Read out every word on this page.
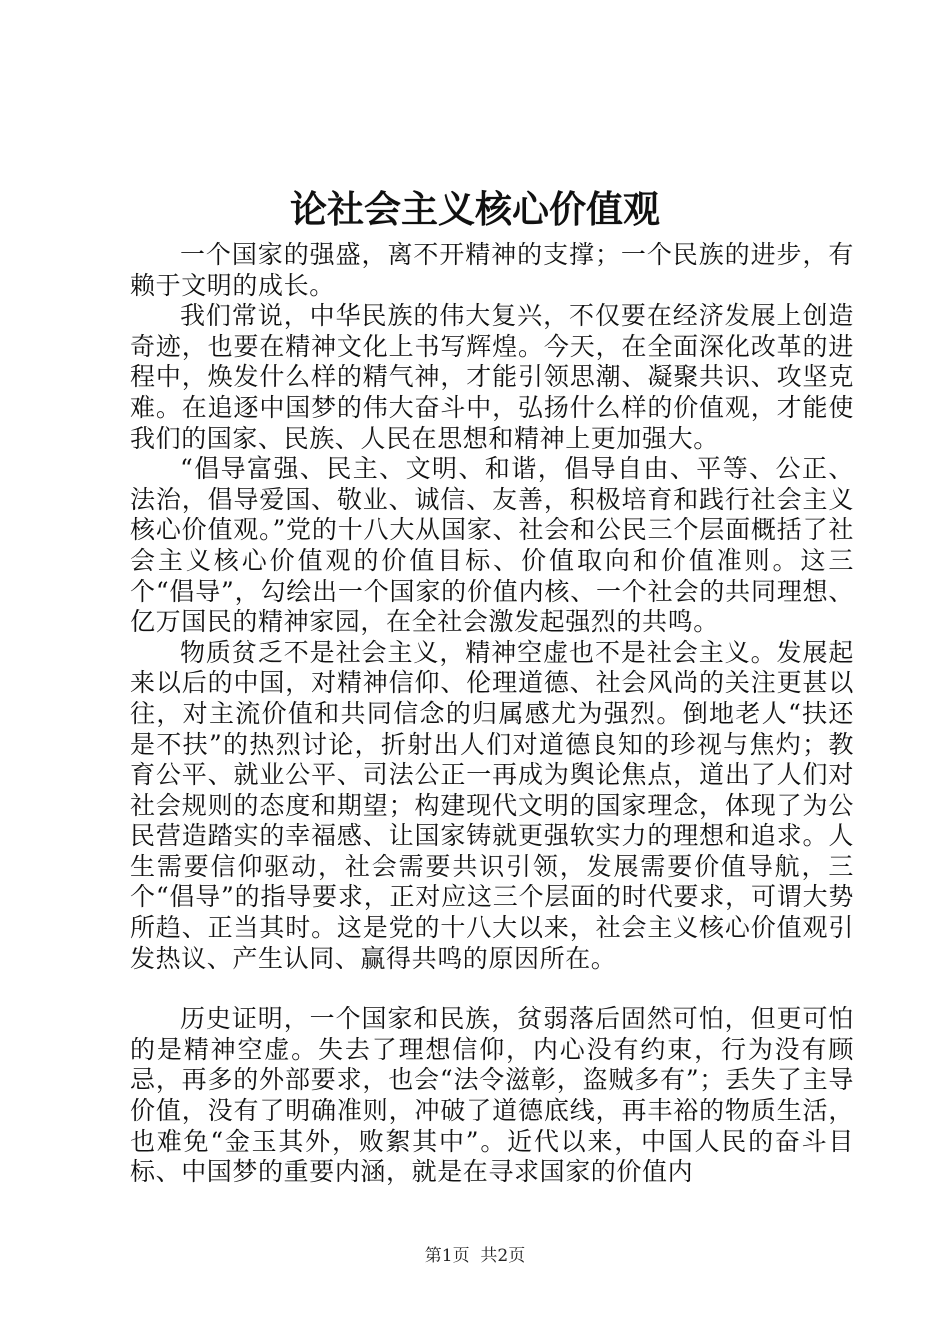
论社会主义核心价值观

一个国家的强盛，离不开精神的支撑；一个民族的进步，有赖于文明的成长。

我们常说，中华民族的伟大复兴，不仅要在经济发展上创造奇迹，也要在精神文化上书写辉煌。今天，在全面深化改革的进程中，焕发什么样的精气神，才能引领思潮、凝聚共识、攻坚克难。在追逐中国梦的伟大奋斗中，弘扬什么样的价值观，才能使我们的国家、民族、人民在思想和精神上更加强大。

“倡导富强、民主、文明、和谐，倡导自由、平等、公正、法治，倡导爱国、敬业、诚信、友善，积极培育和践行社会主义核心价值观。”党的十八大从国家、社会和公民三个层面概括了社会主义核心价值观的价值目标、价值取向和价值准则。这三个“倡导”，勾绘出一个国家的价值内核、一个社会的共同理想、亿万国民的精神家园，在全社会激发起强烈的共鸣。

物质贫乏不是社会主义，精神空虚也不是社会主义。发展起来以后的中国，对精神信仰、伦理道德、社会风尚的关注更甚以往，对主流价值和共同信念的归属感尤为强烈。倒地老人“扶还是不扶”的热烈讨论，折射出人们对道德良知的珍视与焦灼；教育公平、就业公平、司法公正一再成为舆论焦点，道出了人们对社会规则的态度和期望；构建现代文明的国家理念，体现了为公民营造踏实的幸福感、让国家铸就更强软实力的理想和追求。人生需要信仰驱动，社会需要共识引领，发展需要价值导航，三个“倡导”的指导要求，正对应这三个层面的时代要求，可谓大势所趋、正当其时。这是党的十八大以来，社会主义核心价值观引发热议、产生认同、赢得共鸣的原因所在。

历史证明，一个国家和民族，贫弱落后固然可怕，但更可怕的是精神空虚。失去了理想信仰，内心没有约束，行为没有顾忌，再多的外部要求，也会“法令滋彰，盗贼多有”；丢失了主导价值，没有了明确准则，冲破了道德底线，再丰裕的物质生活，也难免“金玉其外，败絮其中”。近代以来，中国人民的奋斗目标、中国梦的重要内涵，就是在寻求国家的价值内

第1页 共2页
